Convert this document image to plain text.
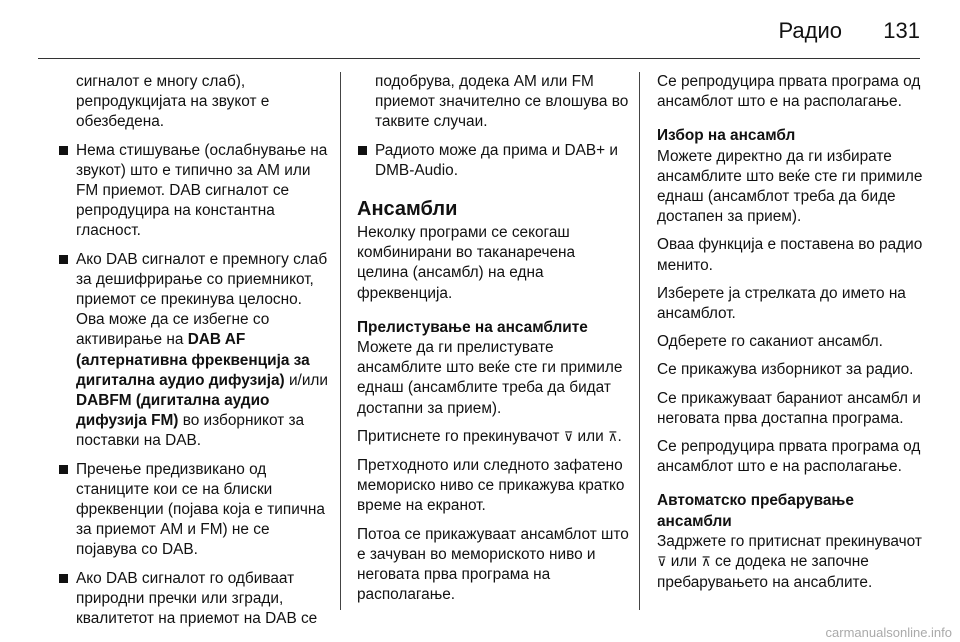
Радио 131

сигналот е многу слаб), репродукцијата на звукот е обезбедена.

Нема стишување (ослабнување на звукот) што е типично за АМ или FM приемот. DAB сигналот се репродуцира на константна гласност.
Ако DAB сигналот е премногу слаб за дешифрирање со приемникот, приемот се прекинува целосно. Ова може да се избегне со активирање на DAB AF (алтернативна фреквенција за дигитална аудио дифузија) и/или DABFM (дигитална аудио дифузија FM) во изборникот за поставки на DAB.
Пречење предизвикано од станиците кои се на блиски фреквенции (појава која е типична за приемот АМ и FM) не се појавува со DAB.
Ако DAB сигналот го одбиваат природни пречки или згради, квалитетот на приемот на DAB се

подобрува, додека AM или FM приемот значително се влошува во таквите случаи.

Радиото може да прима и DAB+ и DMB-Audio.
Ансамбли

Неколку програми се секогаш комбинирани во таканаречена целина (ансамбл) на една фреквенција.

Прелистување на ансамблите

Можете да ги прелистувате ансамблите што веќе сте ги примиле еднаш (ансамблите треба да бидат достапни за прием).

Притиснете го прекинувачот ⊽ или ⊼.

Претходното или следното зафатено мемориско ниво се прикажува кратко време на екранот.

Потоа се прикажуваат ансамблот што е зачуван во мемориското ниво и неговата прва програма на располагање.

Се репродуцира првата програма од ансамблот што е на располагање.

Избор на ансамбл

Можете директно да ги избирате ансамблите што веќе сте ги примиле еднаш (ансамблот треба да биде достапен за прием).

Оваа функција е поставена во радио менито.

Изберете ја стрелката до името на ансамблот.

Одберете го саканиот ансамбл.

Се прикажува изборникот за радио.

Се прикажуваат бараниот ансамбл и неговата прва достапна програма.

Се репродуцира првата програма од ансамблот што е на располагање.

Автоматско пребарување ансамбли

Задржете го притиснат прекинувачот ⊽ или ⊼ се додека не започне пребарувањето на ансаблите.

carmanualsonline.info
